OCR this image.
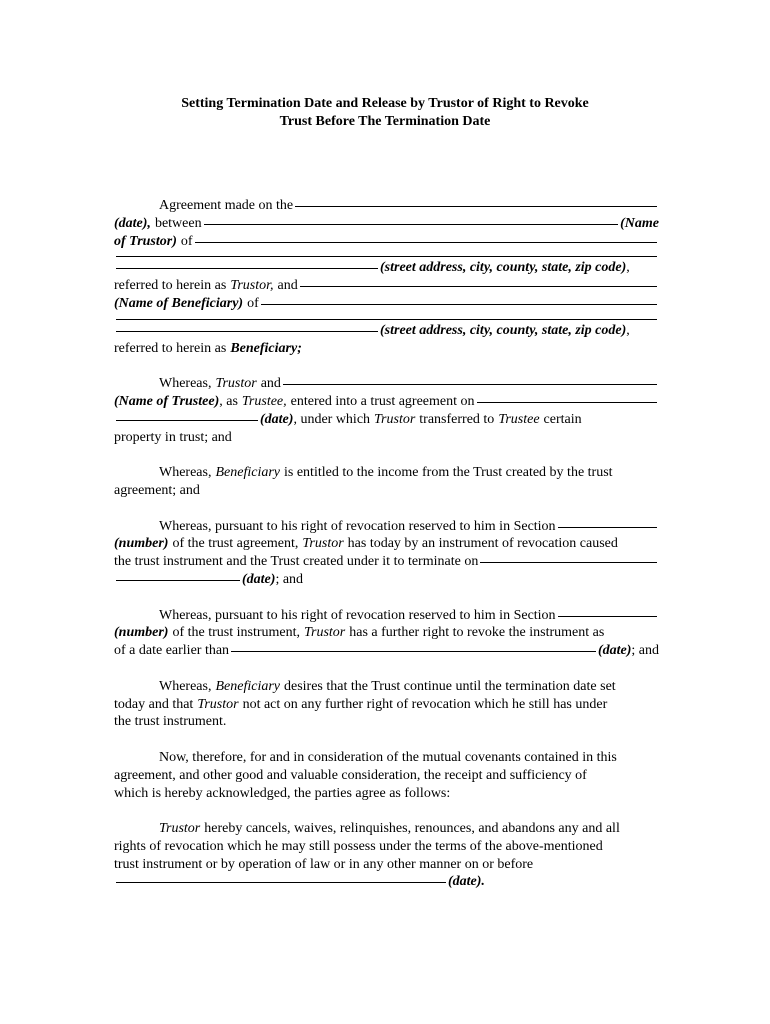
Setting Termination Date and Release by Trustor of Right to Revoke
Trust Before The Termination Date
Agreement made on the
(date), between	(Name
of Trustor) of
(street address, city, county, state, zip code) ,
referred to herein as Trustor, and
(Name of Beneficiary) of
(street address, city, county, state, zip code) ,
referred to herein as Beneficiary;
Whereas, Trustor and
(Name of Trustee) , as Trustee, entered into a trust agreement on
(date) , under which Trustor transferred to Trustee certain
property in trust; and
Whereas, Beneficiary is entitled to the income from the Trust created by the trust
agreement; and
Whereas, pursuant to his right of revocation reserved to him in Section
(number) of the trust agreement, Trustor has today by an instrument of revocation caused
the trust instrument and the Trust created under it to terminate on
(date) ; and
Whereas, pursuant to his right of revocation reserved to him in Section
(number) of the trust instrument, Trustor has a further right to revoke the instrument as
of a date earlier than	(date) ; and
Whereas, Beneficiary desires that the Trust continue until the termination date set
today and that Trustor not act on any further right of revocation which he still has under
the trust instrument.
Now, therefore, for and in consideration of the mutual covenants contained in this
agreement, and other good and valuable consideration, the receipt and sufficiency of
which is hereby acknowledged, the parties agree as follows:
Trustor hereby cancels, waives, relinquishes, renounces, and abandons any and all
rights of revocation which he may still possess under the terms of the above-mentioned
trust instrument or by operation of law or in any other manner on or before
(date).
